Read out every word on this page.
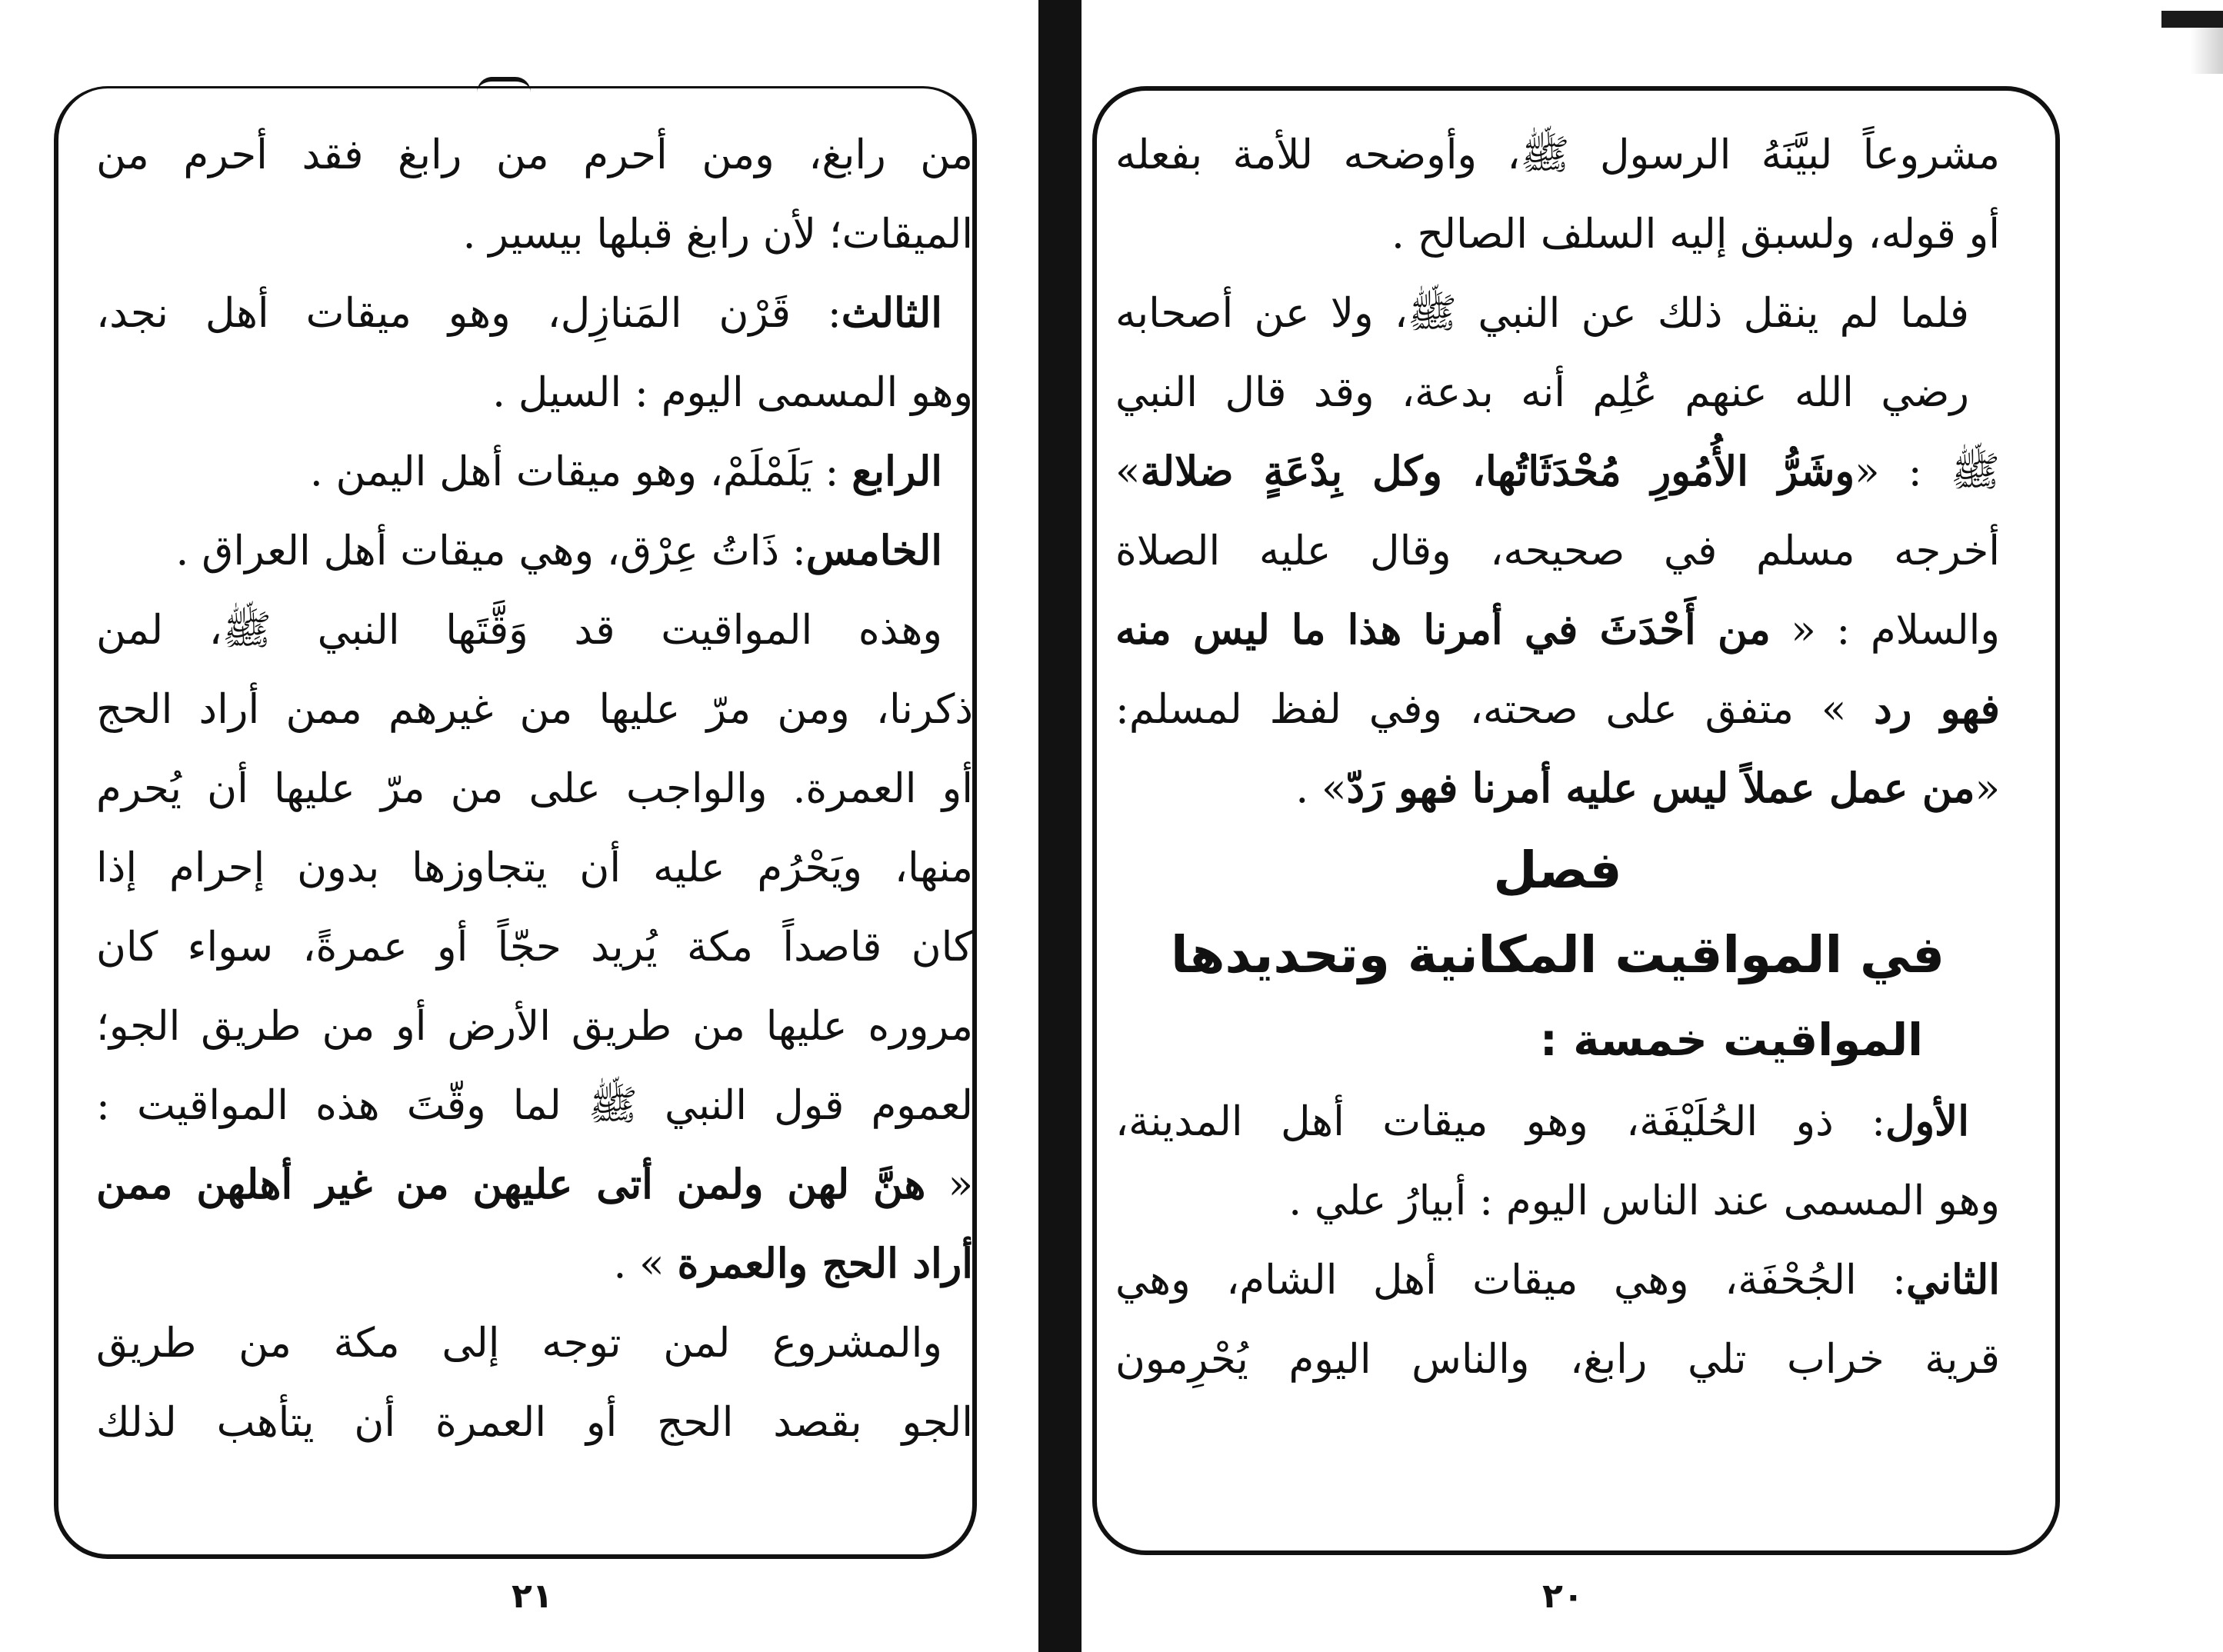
من رابغ، ومن أحرم من رابغ فقد أحرم من
الميقات؛ لأن رابغ قبلها بيسير .
الثالث: قَرْن المَنازِل، وهو ميقات أهل نجد،
وهو المسمى اليوم : السيل .
الرابع : يَلَمْلَمْ، وهو ميقات أهل اليمن .
الخامس: ذَاتُ عِرْق، وهي ميقات أهل العراق .
وهذه المواقيت قد وَقَّتَها النبي ﷺ، لمن
ذكرنا، ومن مرّ عليها من غيرهم ممن أراد الحج
أو العمرة. والواجب على من مرّ عليها أن يُحرم
منها، ويَحْرُم عليه أن يتجاوزها بدون إحرام إذا
كان قاصداً مكة يُريد حجّاً أو عمرةً، سواء كان
مروره عليها من طريق الأرض أو من طريق الجو؛
لعموم قول النبي ﷺ لما وقّتَ هذه المواقيت :
« هنَّ لهن ولمن أتى عليهن من غير أهلهن ممن
أراد الحج والعمرة » .
والمشروع لمن توجه إلى مكة من طريق
الجو بقصد الحج أو العمرة أن يتأهب لذلك
مشروعاً لبيَّنَهُ الرسول ﷺ، وأوضحه للأمة بفعله
أو قوله، ولسبق إليه السلف الصالح .
فلما لم ينقل ذلك عن النبي ﷺ، ولا عن أصحابه
رضي الله عنهم عُلِم أنه بدعة، وقد قال النبي
ﷺ : «وشَرُّ الأُمُورِ مُحْدَثَاتُها، وكل بِدْعَةٍ ضلالة»
أخرجه مسلم في صحيحه، وقال عليه الصلاة
والسلام : « من أَحْدَثَ في أمرنا هذا ما ليس منه
فهو رد » متفق على صحته، وفي لفظ لمسلم:
«من عمل عملاً ليس عليه أمرنا فهو رَدّ» .
فصل
في المواقيت المكانية وتحديدها
المواقيت خمسة :
الأول: ذو الحُلَيْفَة، وهو ميقات أهل المدينة،
وهو المسمى عند الناس اليوم : أبيارُ علي .
الثاني: الجُحْفَة، وهي ميقات أهل الشام، وهي
قرية خراب تلي رابغ، والناس اليوم يُحْرِمون
٢١	٢٠
